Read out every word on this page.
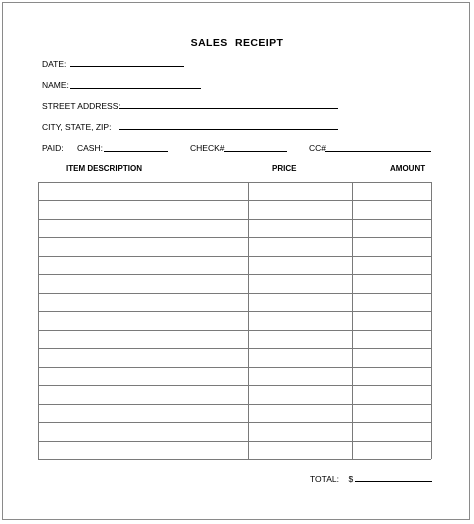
SALES RECEIPT
DATE:
NAME:
STREET ADDRESS:
CITY, STATE, ZIP:
PAID: CASH:	CHECK#	CC#
ITEM DESCRIPTION	PRICE	AMOUNT
TOTAL: $
